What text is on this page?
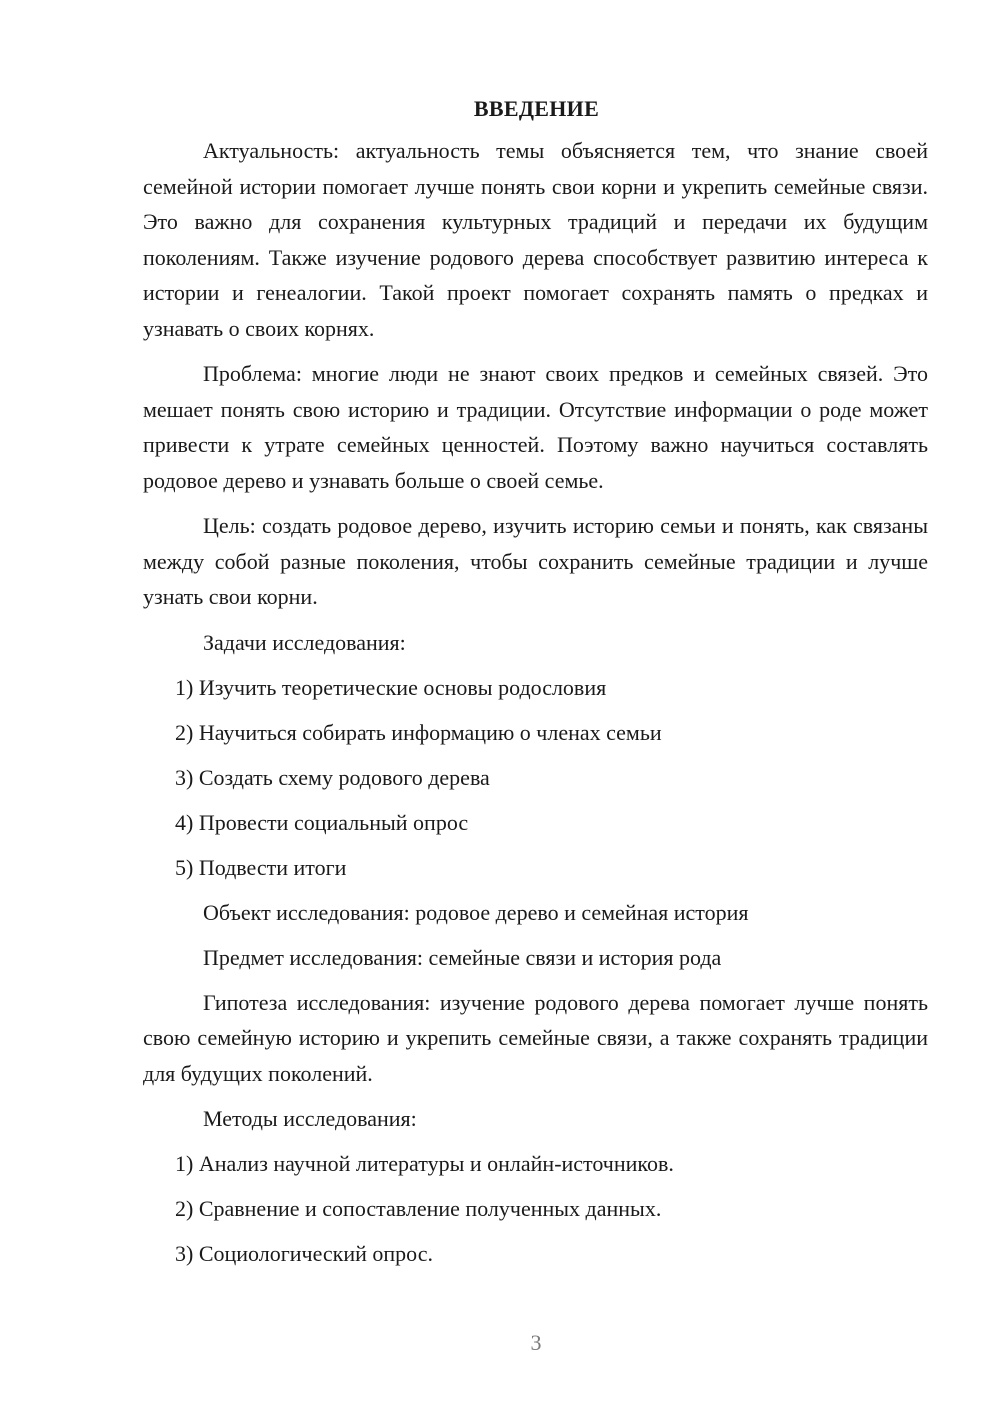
ВВЕДЕНИЕ

Актуальность: актуальность темы объясняется тем, что знание своей семейной истории помогает лучше понять свои корни и укрепить семейные связи. Это важно для сохранения культурных традиций и передачи их будущим поколениям. Также изучение родового дерева способствует развитию интереса к истории и генеалогии. Такой проект помогает сохранять память о предках и узнавать о своих корнях.

Проблема: многие люди не знают своих предков и семейных связей. Это мешает понять свою историю и традиции. Отсутствие информации о роде может привести к утрате семейных ценностей. Поэтому важно научиться составлять родовое дерево и узнавать больше о своей семье.

Цель: создать родовое дерево, изучить историю семьи и понять, как связаны между собой разные поколения, чтобы сохранить семейные традиции и лучше узнать свои корни.

Задачи исследования:

1) Изучить теоретические основы родословия

2) Научиться собирать информацию о членах семьи

3) Создать схему родового дерева

4) Провести социальный опрос

5) Подвести итоги

Объект исследования: родовое дерево и семейная история

Предмет исследования: семейные связи и история рода

Гипотеза исследования: изучение родового дерева помогает лучше понять свою семейную историю и укрепить семейные связи, а также сохранять традиции для будущих поколений.

Методы исследования:

1) Анализ научной литературы и онлайн-источников.

2) Сравнение и сопоставление полученных данных.

3) Социологический опрос.

3
